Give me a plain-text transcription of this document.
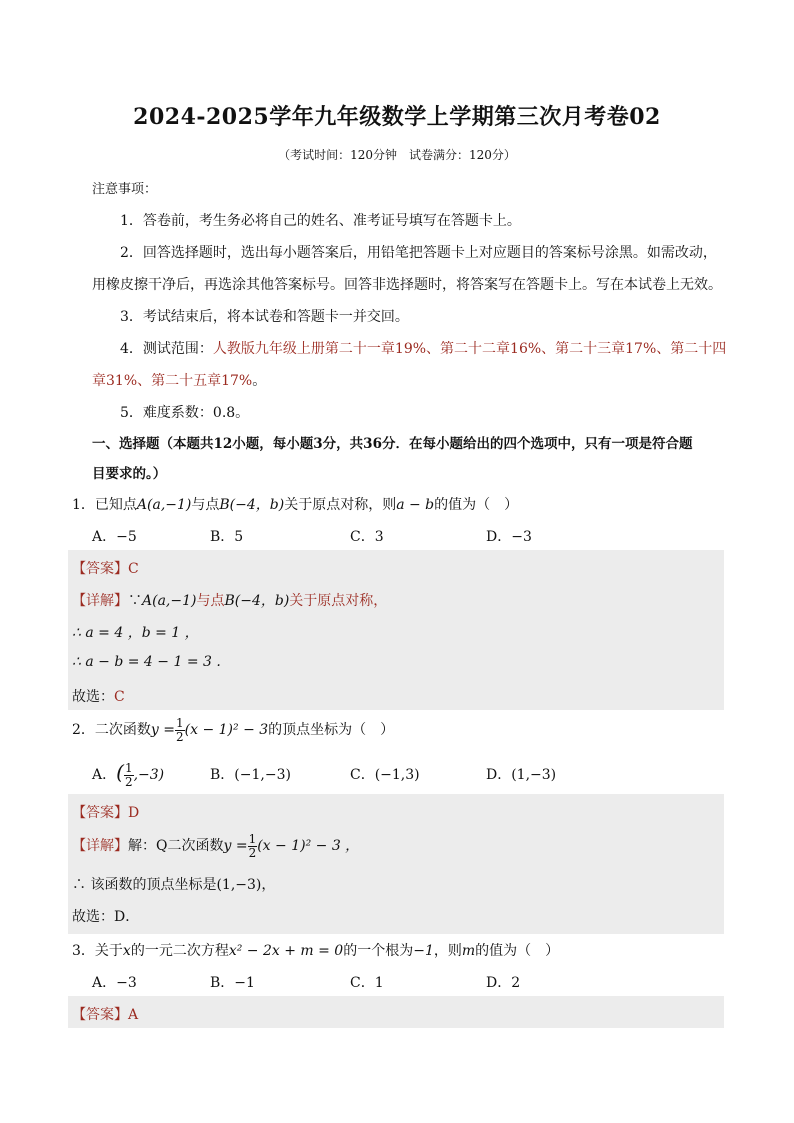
2024-2025学年九年级数学上学期第三次月考卷02
（考试时间：120分钟　试卷满分：120分）
注意事项：
1．答卷前，考生务必将自己的姓名、准考证号填写在答题卡上。
2．回答选择题时，选出每小题答案后，用铅笔把答题卡上对应题目的答案标号涂黑。如需改动，
用橡皮擦干净后，再选涂其他答案标号。回答非选择题时，将答案写在答题卡上。写在本试卷上无效。
3．考试结束后，将本试卷和答题卡一并交回。
4．测试范围：人教版九年级上册第二十一章19%、第二十二章16%、第二十三章17%、第二十四
章31%、第二十五章17%。
5．难度系数：0.8。
一、选择题（本题共12小题，每小题3分，共36分．在每小题给出的四个选项中，只有一项是符合题
目要求的。）
1．已知点A(a,−1)与点B(−4，b)关于原点对称，则a − b的值为（　）
A．−5	B．5	C．3	D．−3
【答案】C
【详解】∵A(a,−1)与点B(−4，b)关于原点对称，
∴ a = 4 ，b = 1 ，
∴ a − b = 4 − 1 = 3 .
故选：C
2．二次函数$y = \frac{1}{2} (x - 1)^2 - 3$的顶点坐标为（　）
A．( $\frac{1}{2} ,-3$)	B．(−1,−3)	C．(−1,3)	D．(1,−3)
【答案】D
【详解】解：Q二次函数$y = \frac{1}{2} (x - 1)^2 - 3$ ，
∴ 该函数的顶点坐标是(1,−3)，
故选：D．
3．关于x的一元二次方程x² − 2x + m = 0的一个根为−1，则m的值为（　）
A．−3	B．−1	C．1	D．2
【答案】A
